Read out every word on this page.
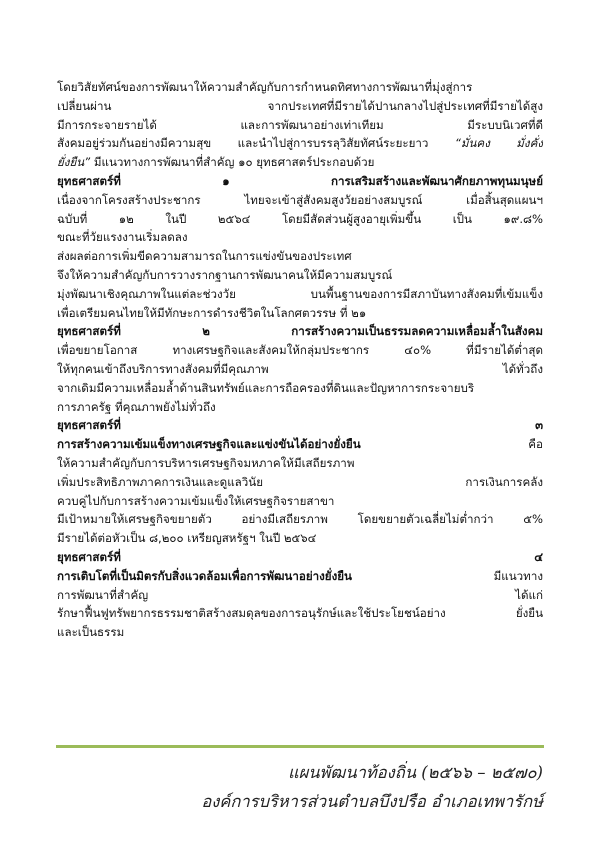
โดยวิสัยทัศน์ของการพัฒนาให้ความสำคัญกับการกำหนดทิศทางการพัฒนาที่มุ่งสู่การ
เปลี่ยนผ่าน จากประเทศที่มีรายได้ปานกลางไปสู่ประเทศที่มีรายได้สูง
มีการกระจายรายได้ และการพัฒนาอย่างเท่าเทียม มีระบบนิเวศที่ดี
สังคมอยู่ร่วมกันอย่างมีความสุข และนำไปสู่การบรรลุวิสัยทัศน์ระยะยาว “มั่นคง มั่งคั่ง
ยั่งยืน” มีแนวทางการพัฒนาที่สำคัญ ๑๐ ยุทธศาสตร์ประกอบด้วย
ยุทธศาสตร์ที่ ๑ การเสริมสร้างและพัฒนาศักยภาพทุนมนุษย์
เนื่องจากโครงสร้างประชากร ไทยจะเข้าสู่สังคมสูงวัยอย่างสมบูรณ์ เมื่อสิ้นสุดแผนฯ
ฉบับที่ ๑๒ ในปี ๒๕๖๔ โดยมีสัดส่วนผู้สูงอายุเพิ่มขึ้น เป็น ๑๙.๘%
ขณะที่วัยแรงงานเริ่มลดลง
ส่งผลต่อการเพิ่มขีดความสามารถในการแข่งขันของประเทศ
จึงให้ความสำคัญกับการวางรากฐานการพัฒนาคนให้มีความสมบูรณ์
มุ่งพัฒนาเชิงคุณภาพในแต่ละช่วงวัย บนพื้นฐานของการมีสภาบันทางสังคมที่เข้มแข็ง
เพื่อเตรียมคนไทยให้มีทักษะการดำรงชีวิตในโลกศตวรรษ ที่ ๒๑
ยุทธศาสตร์ที่ ๒ การสร้างความเป็นธรรมลดความเหลื่อมล้ำในสังคม
เพื่อขยายโอกาส ทางเศรษฐกิจและสังคมให้กลุ่มประชากร ๔๐% ที่มีรายได้ต่ำสุด
ให้ทุกคนเข้าถึงบริการทางสังคมที่มีคุณภาพ ได้ทั่วถึง
จากเดิมมีความเหลื่อมล้ำด้านสินทรัพย์และการถือครองที่ดินและปัญหาการกระจายบริ
การภาครัฐ ที่คุณภาพยังไม่ทั่วถึง
ยุทธศาสตร์ที่ ๓
การสร้างความเข้มแข็งทางเศรษฐกิจและแข่งขันได้อย่างยั่งยืน คือ
ให้ความสำคัญกับการบริหารเศรษฐกิจมหภาคให้มีเสถียรภาพ
เพิ่มประสิทธิภาพภาคการเงินและดูแลวินัย การเงินการคลัง
ควบคู่ไปกับการสร้างความเข้มแข็งให้เศรษฐกิจรายสาขา
มีเป้าหมายให้เศรษฐกิจขยายตัว อย่างมีเสถียรภาพ โดยขยายตัวเฉลี่ยไม่ต่ำกว่า ๕%
มีรายได้ต่อหัวเป็น ๘,๒๐๐ เหรียญสหรัฐฯ ในปี ๒๕๖๔
ยุทธศาสตร์ที่ ๔
การเติบโตที่เป็นมิตรกับสิ่งแวดล้อมเพื่อการพัฒนาอย่างยั่งยืน มีแนวทาง
การพัฒนาที่สำคัญ ได้แก่
รักษาฟื้นฟูทรัพยากรธรรมชาติสร้างสมดุลของการอนุรักษ์และใช้ประโยชน์อย่าง ยั่งยืน
และเป็นธรรม
แผนพัฒนาท้องถิ่น (๒๕๖๖ – ๒๕๗๐)
องค์การบริหารส่วนตำบลบึงปรือ อำเภอเทพารักษ์
